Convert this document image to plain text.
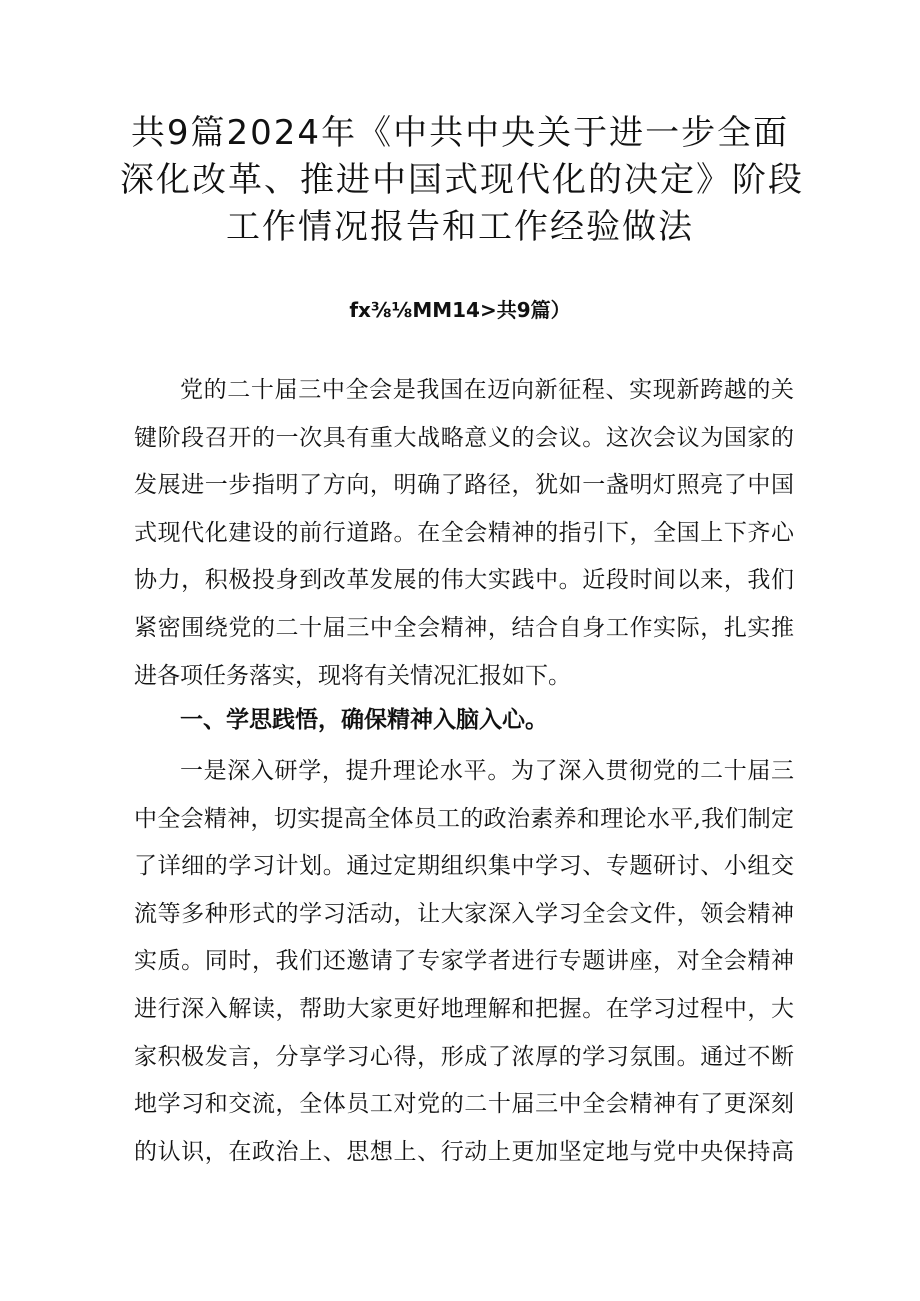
共9篇2024年《中共中央关于进一步全面
深化改革、推进中国式现代化的决定》阶段
工作情况报告和工作经验做法

fx⅜⅛MM14>共9篇）

党的二十届三中全会是我国在迈向新征程、实现新跨越的关
键阶段召开的一次具有重大战略意义的会议。这次会议为国家的
发展进一步指明了方向，明确了路径，犹如一盏明灯照亮了中国
式现代化建设的前行道路。在全会精神的指引下，全国上下齐心
协力，积极投身到改革发展的伟大实践中。近段时间以来，我们
紧密围绕党的二十届三中全会精神，结合自身工作实际，扎实推
进各项任务落实，现将有关情况汇报如下。
一、学思践悟，确保精神入脑入心。
一是深入研学，提升理论水平。为了深入贯彻党的二十届三
中全会精神，切实提高全体员工的政治素养和理论水平,我们制定
了详细的学习计划。通过定期组织集中学习、专题研讨、小组交
流等多种形式的学习活动，让大家深入学习全会文件，领会精神
实质。同时，我们还邀请了专家学者进行专题讲座，对全会精神
进行深入解读，帮助大家更好地理解和把握。在学习过程中，大
家积极发言，分享学习心得，形成了浓厚的学习氛围。通过不断
地学习和交流，全体员工对党的二十届三中全会精神有了更深刻
的认识，在政治上、思想上、行动上更加坚定地与党中央保持高
